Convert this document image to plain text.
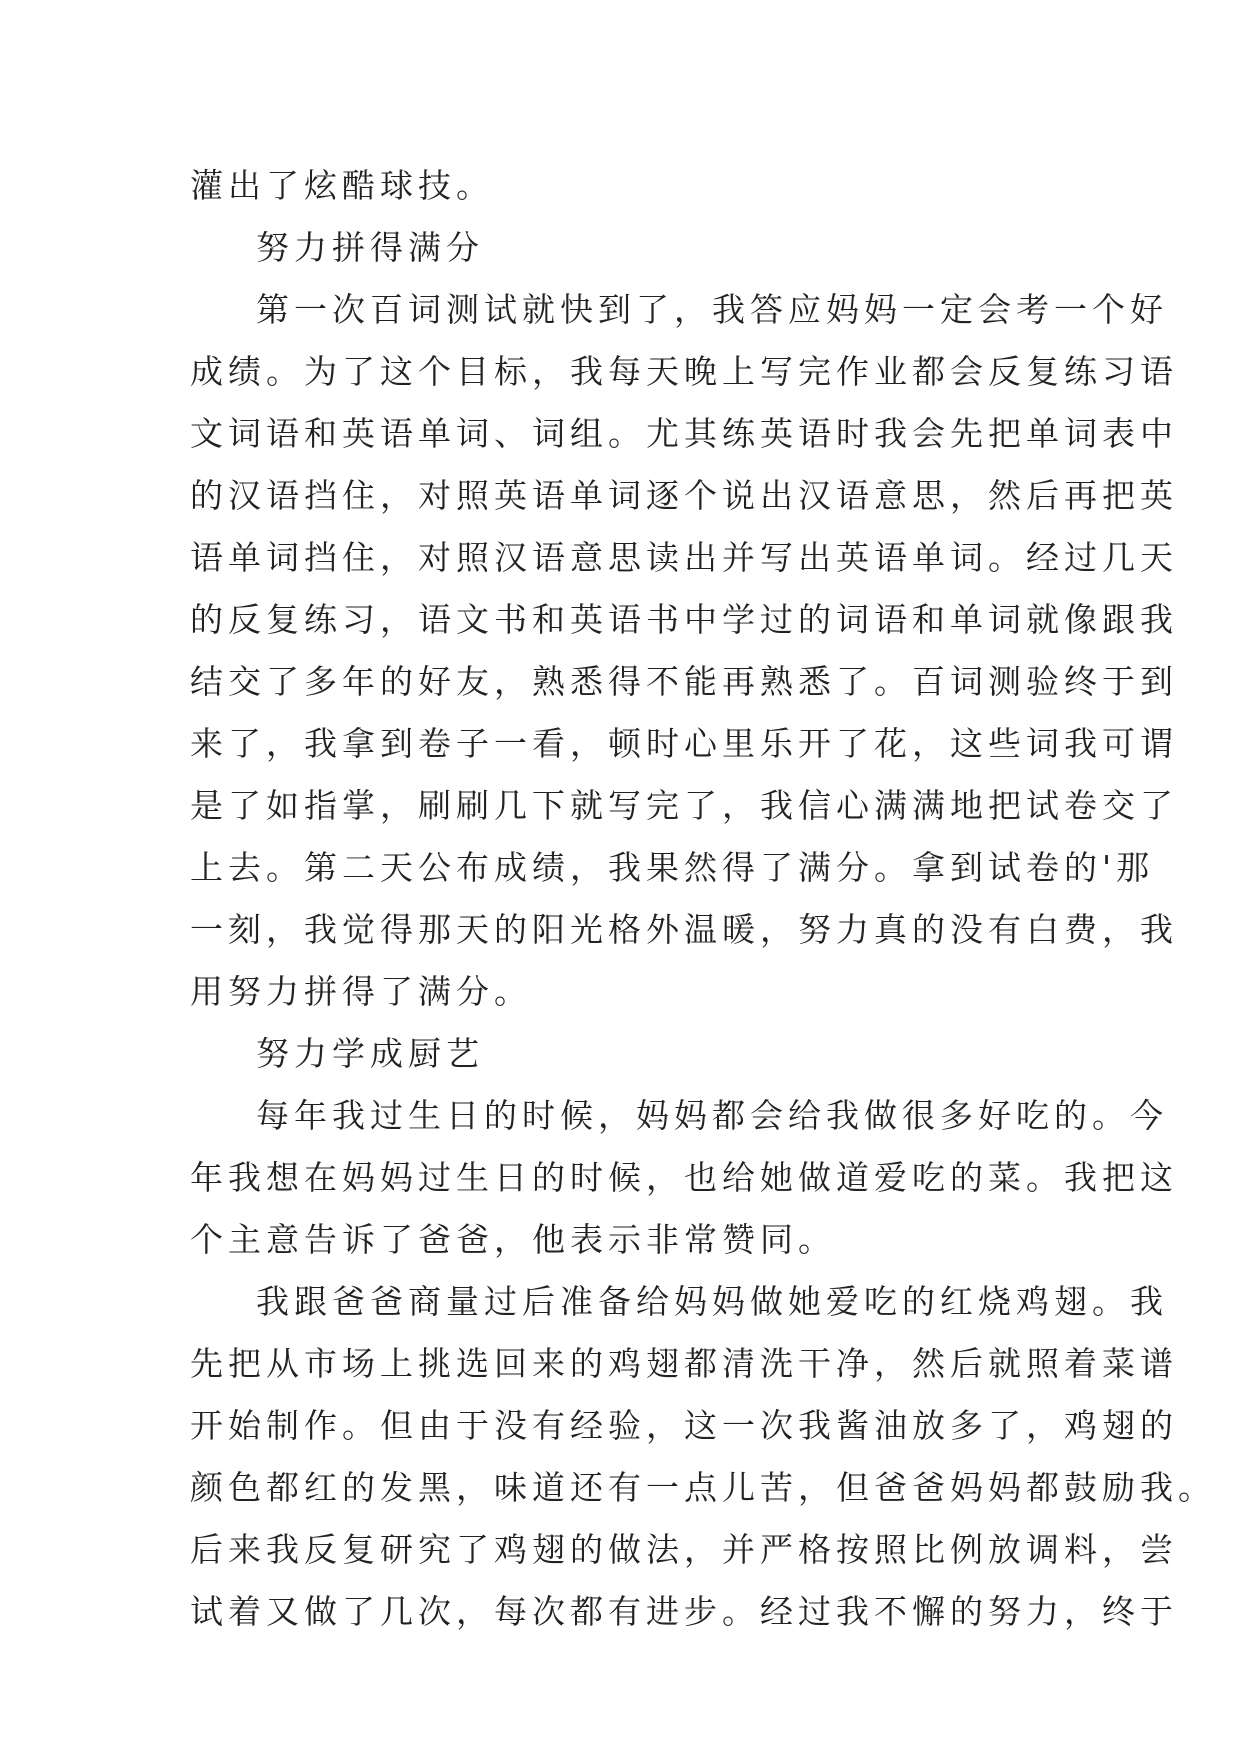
灌出了炫酷球技。
努力拼得满分
第一次百词测试就快到了，我答应妈妈一定会考一个好
成绩。为了这个目标，我每天晚上写完作业都会反复练习语
文词语和英语单词、词组。尤其练英语时我会先把单词表中
的汉语挡住，对照英语单词逐个说出汉语意思，然后再把英
语单词挡住，对照汉语意思读出并写出英语单词。经过几天
的反复练习，语文书和英语书中学过的词语和单词就像跟我
结交了多年的好友，熟悉得不能再熟悉了。百词测验终于到
来了，我拿到卷子一看，顿时心里乐开了花，这些词我可谓
是了如指掌，刷刷几下就写完了，我信心满满地把试卷交了
上去。第二天公布成绩，我果然得了满分。拿到试卷的'那
一刻，我觉得那天的阳光格外温暖，努力真的没有白费，我
用努力拼得了满分。
努力学成厨艺
每年我过生日的时候，妈妈都会给我做很多好吃的。今
年我想在妈妈过生日的时候，也给她做道爱吃的菜。我把这
个主意告诉了爸爸，他表示非常赞同。
我跟爸爸商量过后准备给妈妈做她爱吃的红烧鸡翅。我
先把从市场上挑选回来的鸡翅都清洗干净，然后就照着菜谱
开始制作。但由于没有经验，这一次我酱油放多了，鸡翅的
颜色都红的发黑，味道还有一点儿苦，但爸爸妈妈都鼓励我。
后来我反复研究了鸡翅的做法，并严格按照比例放调料，尝
试着又做了几次，每次都有进步。经过我不懈的努力，终于
